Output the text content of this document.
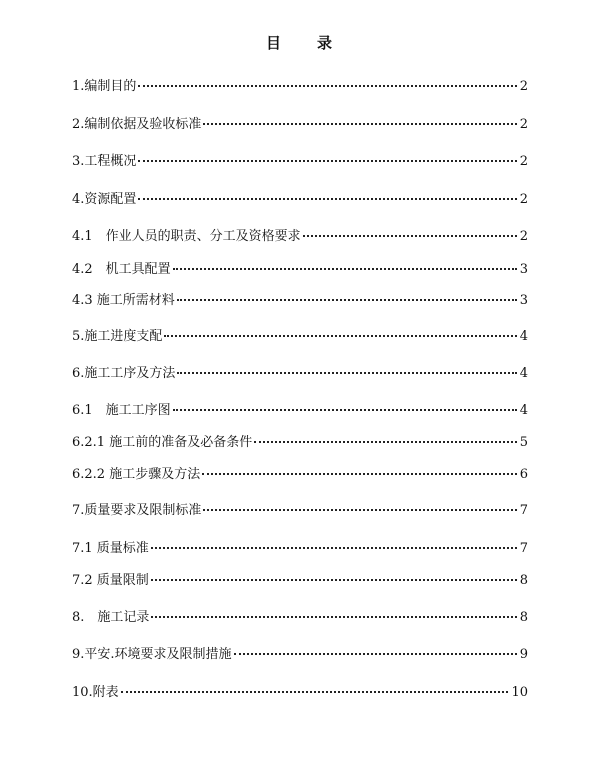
目 录
1.编制目的	2
2.编制依据及验收标准	2
3.工程概况	2
4.资源配置	2
4.1　作业人员的职责、分工及资格要求	2
4.2　机工具配置	3
4.3 施工所需材料	3
5.施工进度支配	4
6.施工工序及方法	4
6.1　施工工序图	4
6.2.1 施工前的准备及必备条件	5
6.2.2 施工步骤及方法	6
7.质量要求及限制标准	7
7.1 质量标准	7
7.2 质量限制	8
8.　施工记录	8
9.平安.环境要求及限制措施	9
10.附表	10
